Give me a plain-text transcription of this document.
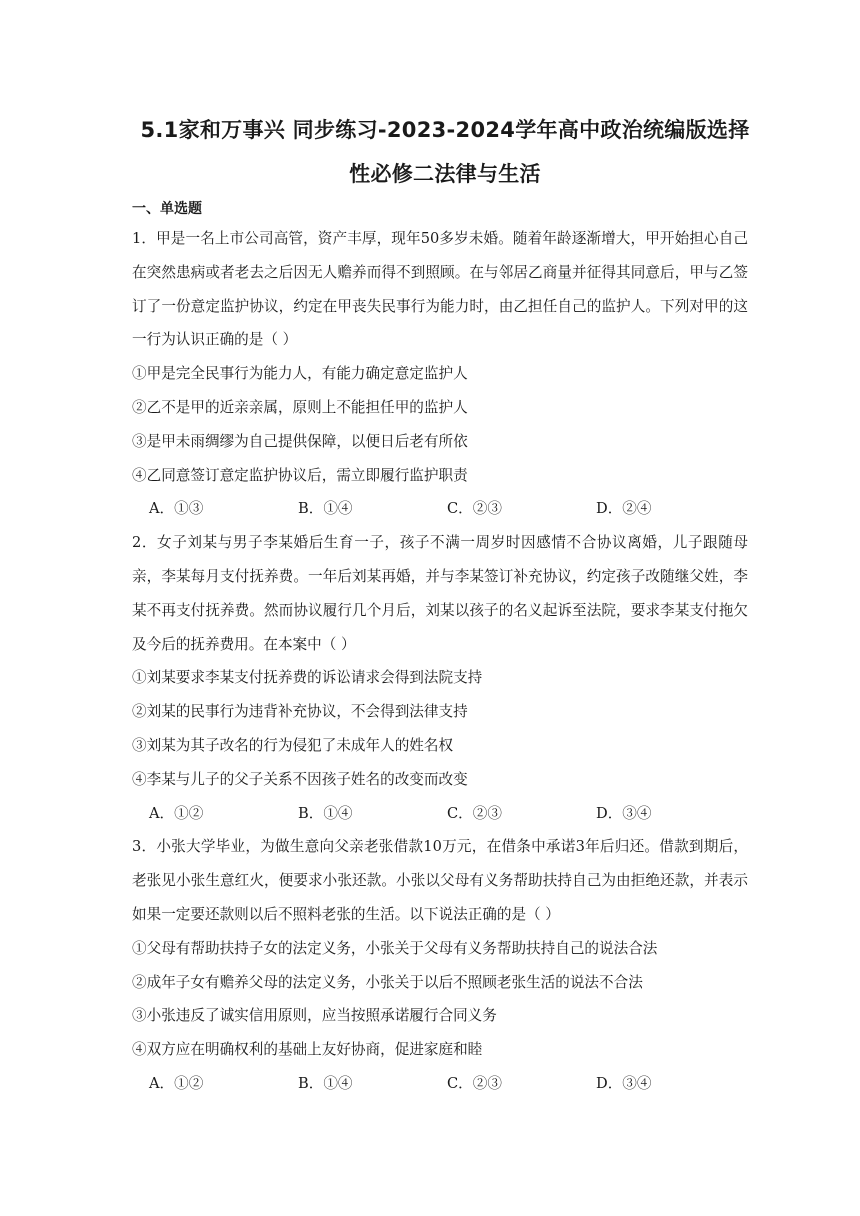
5.1家和万事兴 同步练习-2023-2024学年高中政治统编版选择
性必修二法律与生活
一、单选题

1．甲是一名上市公司高管，资产丰厚，现年50多岁未婚。随着年龄逐渐增大，甲开始担心自己在突然患病或者老去之后因无人赡养而得不到照顾。在与邻居乙商量并征得其同意后，甲与乙签订了一份意定监护协议，约定在甲丧失民事行为能力时，由乙担任自己的监护人。下列对甲的这一行为认识正确的是（ ）

①甲是完全民事行为能力人，有能力确定意定监护人

②乙不是甲的近亲亲属，原则上不能担任甲的监护人

③是甲未雨绸缪为自己提供保障，以便日后老有所依

④乙同意签订意定监护协议后，需立即履行监护职责

A．①③	B．①④	C．②③	D．②④

2．女子刘某与男子李某婚后生育一子，孩子不满一周岁时因感情不合协议离婚，儿子跟随母亲，李某每月支付抚养费。一年后刘某再婚，并与李某签订补充协议，约定孩子改随继父姓，李某不再支付抚养费。然而协议履行几个月后，刘某以孩子的名义起诉至法院，要求李某支付拖欠及今后的抚养费用。在本案中（ ）

①刘某要求李某支付抚养费的诉讼请求会得到法院支持

②刘某的民事行为违背补充协议，不会得到法律支持

③刘某为其子改名的行为侵犯了未成年人的姓名权

④李某与儿子的父子关系不因孩子姓名的改变而改变

A．①②	B．①④	C．②③	D．③④

3．小张大学毕业，为做生意向父亲老张借款10万元，在借条中承诺3年后归还。借款到期后，老张见小张生意红火，便要求小张还款。小张以父母有义务帮助扶持自己为由拒绝还款，并表示如果一定要还款则以后不照料老张的生活。以下说法正确的是（ ）

①父母有帮助扶持子女的法定义务，小张关于父母有义务帮助扶持自己的说法合法

②成年子女有赡养父母的法定义务，小张关于以后不照顾老张生活的说法不合法

③小张违反了诚实信用原则，应当按照承诺履行合同义务

④双方应在明确权利的基础上友好协商，促进家庭和睦

A．①②	B．①④	C．②③	D．③④
